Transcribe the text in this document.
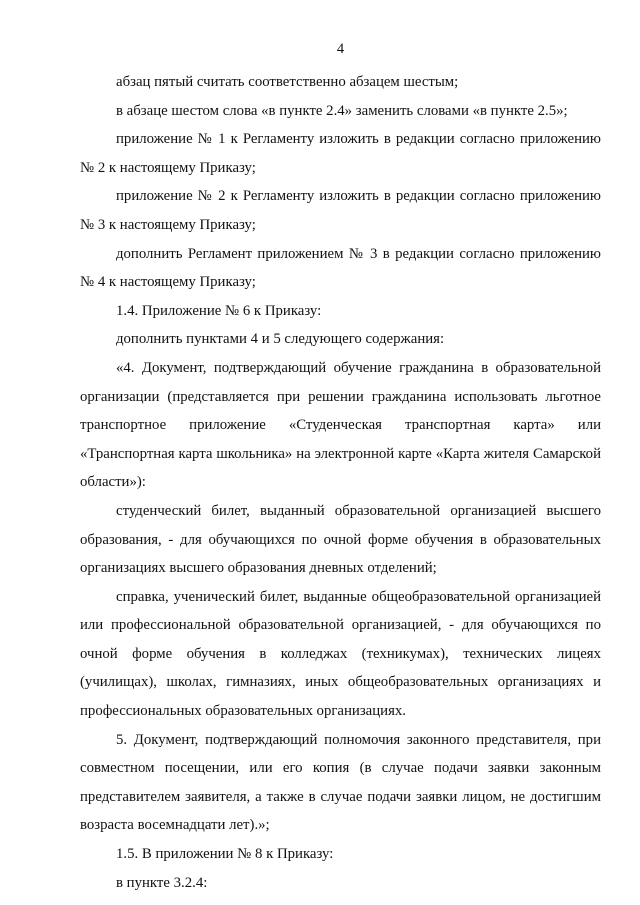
4

абзац пятый считать соответственно абзацем шестым;

в абзаце шестом слова «в пункте 2.4» заменить словами «в пункте 2.5»;

приложение № 1 к Регламенту изложить в редакции согласно приложению № 2 к настоящему Приказу;

приложение № 2 к Регламенту изложить в редакции согласно приложению № 3 к настоящему Приказу;

дополнить Регламент приложением № 3 в редакции согласно приложению № 4 к настоящему Приказу;

1.4. Приложение № 6 к Приказу:

дополнить пунктами 4 и 5 следующего содержания:

«4. Документ, подтверждающий обучение гражданина в образовательной организации (представляется при решении гражданина использовать льготное транспортное приложение «Студенческая транспортная карта» или «Транспортная карта школьника» на электронной карте «Карта жителя Самарской области»):

студенческий билет, выданный образовательной организацией высшего образования, - для обучающихся по очной форме обучения в образовательных организациях высшего образования дневных отделений;

справка, ученический билет, выданные общеобразовательной организацией или профессиональной образовательной организацией, - для обучающихся по очной форме обучения в колледжах (техникумах), технических лицеях (училищах), школах, гимназиях, иных общеобразовательных организациях и профессиональных образовательных организациях.

5. Документ, подтверждающий полномочия законного представителя, при совместном посещении, или его копия (в случае подачи заявки законным представителем заявителя, а также в случае подачи заявки лицом, не достигшим возраста восемнадцати лет).»;

1.5. В приложении № 8 к Приказу:

в пункте 3.2.4:
